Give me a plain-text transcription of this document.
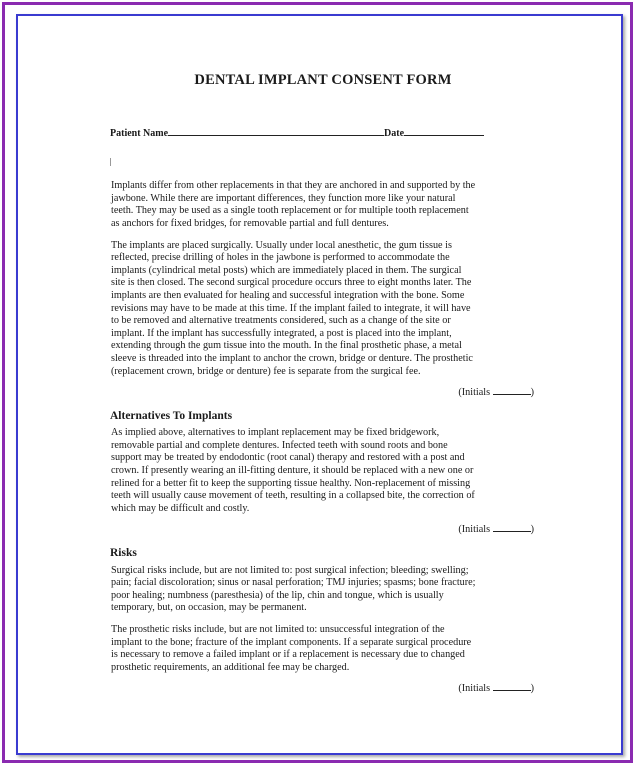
DENTAL IMPLANT CONSENT FORM
Patient Name	Date

Implants differ from other replacements in that they are anchored in and supported by the
jawbone. While there are important differences, they function more like your natural
teeth. They may be used as a single tooth replacement or for multiple tooth replacement
as anchors for fixed bridges, for removable partial and full dentures.

The implants are placed surgically. Usually under local anesthetic, the gum tissue is
reflected, precise drilling of holes in the jawbone is performed to accommodate the
implants (cylindrical metal posts) which are immediately placed in them. The surgical
site is then closed. The second surgical procedure occurs three to eight months later. The
implants are then evaluated for healing and successful integration with the bone. Some
revisions may have to be made at this time. If the implant failed to integrate, it will have
to be removed and alternative treatments considered, such as a change of the site or
implant. If the implant has successfully integrated, a post is placed into the implant,
extending through the gum tissue into the mouth. In the final prosthetic phase, a metal
sleeve is threaded into the implant to anchor the crown, bridge or denture. The prosthetic
(replacement crown, bridge or denture) fee is separate from the surgical fee.

(Initials	)
Alternatives To Implants

As implied above, alternatives to implant replacement may be fixed bridgework,
removable partial and complete dentures. Infected teeth with sound roots and bone
support may be treated by endodontic (root canal) therapy and restored with a post and
crown. If presently wearing an ill-fitting denture, it should be replaced with a new one or
relined for a better fit to keep the supporting tissue healthy. Non-replacement of missing
teeth will usually cause movement of teeth, resulting in a collapsed bite, the correction of
which may be difficult and costly.

(Initials	)
Risks

Surgical risks include, but are not limited to: post surgical infection; bleeding; swelling;
pain; facial discoloration; sinus or nasal perforation; TMJ injuries; spasms; bone fracture;
poor healing; numbness (paresthesia) of the lip, chin and tongue, which is usually
temporary, but, on occasion, may be permanent.

The prosthetic risks include, but are not limited to: unsuccessful integration of the
implant to the bone; fracture of the implant components. If a separate surgical procedure
is necessary to remove a failed implant or if a replacement is necessary due to changed
prosthetic requirements, an additional fee may be charged.

(Initials	)
